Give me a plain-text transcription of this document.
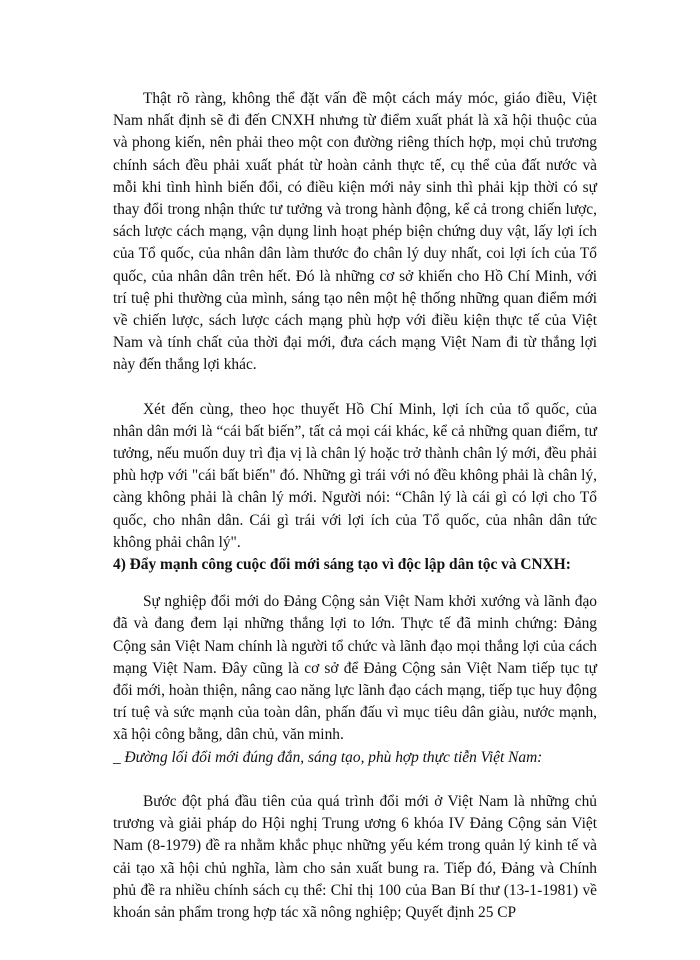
Thật rõ ràng, không thể đặt vấn đề một cách máy móc, giáo điều, Việt Nam nhất định sẽ đi đến CNXH nhưng từ điểm xuất phát là xã hội thuộc của và phong kiến, nên phải theo một con đường riêng thích hợp, mọi chủ trương chính sách đều phải xuất phát từ hoàn cảnh thực tế, cụ thể của đất nước và mỗi khi tình hình biến đổi, có điều kiện mới nảy sinh thì phải kịp thời có sự thay đổi trong nhận thức tư tưởng và trong hành động, kể cả trong chiến lược, sách lược cách mạng, vận dụng linh hoạt phép biện chứng duy vật, lấy lợi ích của Tổ quốc, của nhân dân làm thước đo chân lý duy nhất, coi lợi ích của Tổ quốc, của nhân dân trên hết. Đó là những cơ sở khiến cho Hồ Chí Minh, với trí tuệ phi thường của mình, sáng tạo nên một hệ thống những quan điểm mới về chiến lược, sách lược cách mạng phù hợp với điều kiện thực tế của Việt Nam và tính chất của thời đại mới, đưa cách mạng Việt Nam đi từ thắng lợi này đến thắng lợi khác.

Xét đến cùng, theo học thuyết Hồ Chí Minh, lợi ích của tổ quốc, của nhân dân mới là “cái bất biến”, tất cả mọi cái khác, kể cả những quan điểm, tư tưởng, nếu muốn duy trì địa vị là chân lý hoặc trở thành chân lý mới, đều phải phù hợp với "cái bất biến" đó. Những gì trái với nó đều không phải là chân lý, càng không phải là chân lý mới. Người nói: “Chân lý là cái gì có lợi cho Tổ quốc, cho nhân dân. Cái gì trái với lợi ích của Tổ quốc, của nhân dân tức không phải chân lý".

4) Đẩy mạnh công cuộc đổi mới sáng tạo vì độc lập dân tộc và CNXH:

Sự nghiệp đổi mới do Đảng Cộng sản Việt Nam khởi xướng và lãnh đạo đã và đang đem lại những thắng lợi to lớn. Thực tế đã minh chứng: Đảng Cộng sản Việt Nam chính là người tổ chức và lãnh đạo mọi thắng lợi của cách mạng Việt Nam. Đây cũng là cơ sở để Đảng Cộng sản Việt Nam tiếp tục tự đổi mới, hoàn thiện, nâng cao năng lực lãnh đạo cách mạng, tiếp tục huy động trí tuệ và sức mạnh của toàn dân, phấn đấu vì mục tiêu dân giàu, nước mạnh, xã hội công bằng, dân chủ, văn minh.

_ Đường lối đổi mới đúng đắn, sáng tạo, phù hợp thực tiễn Việt Nam:

Bước đột phá đầu tiên của quá trình đổi mới ở Việt Nam là những chủ trương và giải pháp do Hội nghị Trung ương 6 khóa IV Đảng Cộng sản Việt Nam (8-1979) đề ra nhằm khắc phục những yếu kém trong quản lý kinh tế và cải tạo xã hội chủ nghĩa, làm cho sản xuất bung ra. Tiếp đó, Đảng và Chính phủ đề ra nhiều chính sách cụ thể: Chỉ thị 100 của Ban Bí thư (13-1-1981) về khoán sản phẩm trong hợp tác xã nông nghiệp; Quyết định 25 CP
